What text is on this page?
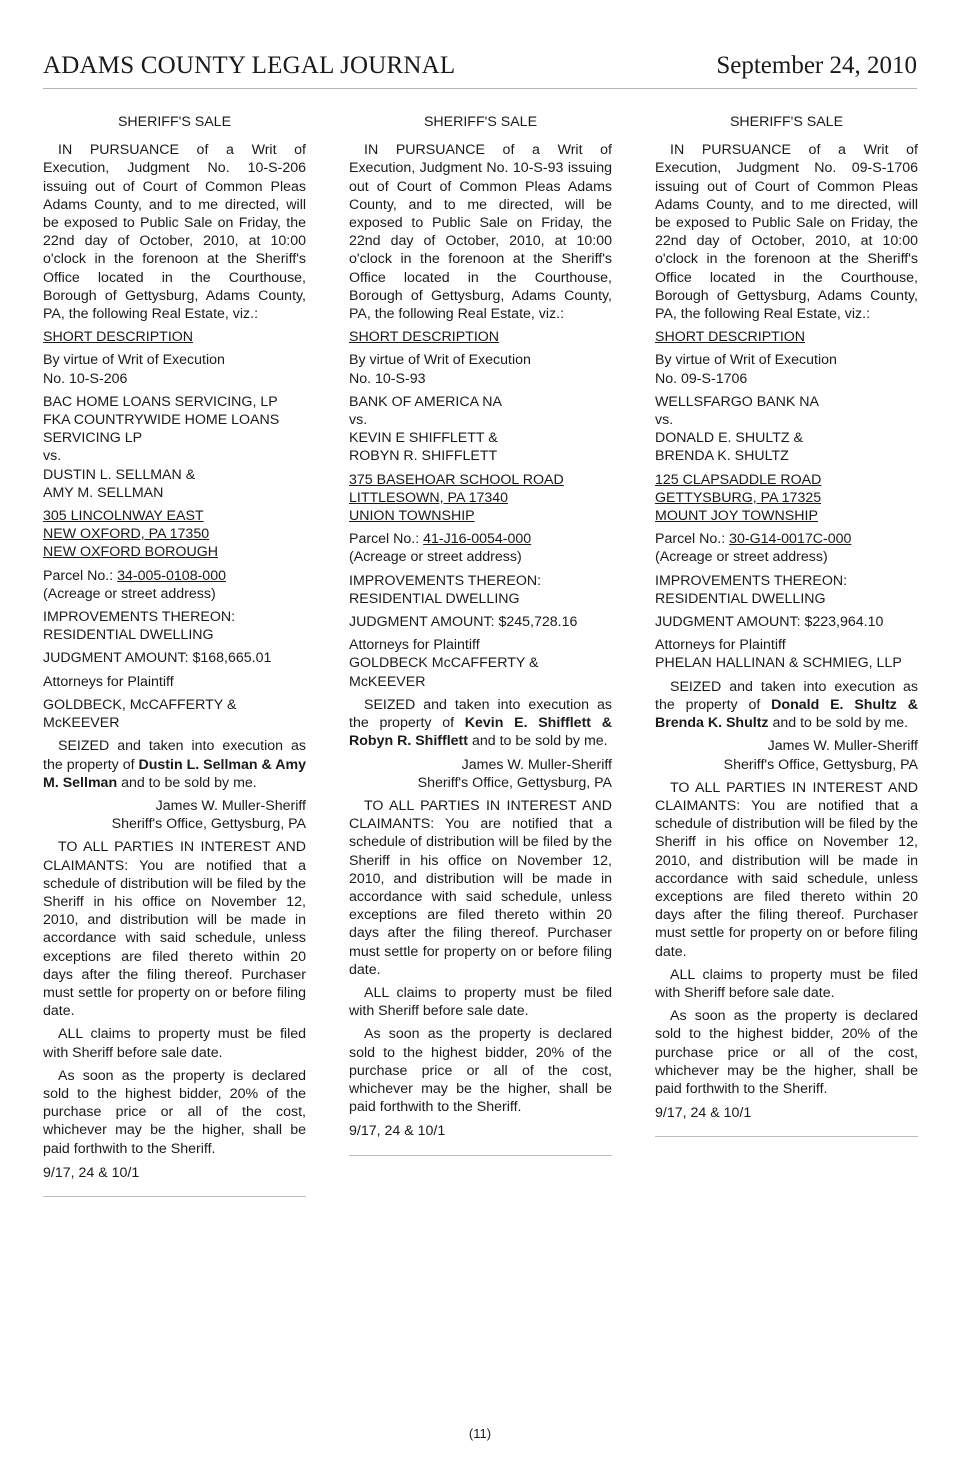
ADAMS COUNTY LEGAL JOURNAL	September 24, 2010

SHERIFF'S SALE

IN PURSUANCE of a Writ of Execution, Judgment No. 10-S-206 issuing out of Court of Common Pleas Adams County, and to me directed, will be exposed to Public Sale on Friday, the 22nd day of October, 2010, at 10:00 o'clock in the forenoon at the Sheriff's Office located in the Courthouse, Borough of Gettysburg, Adams County, PA, the following Real Estate, viz.:

SHORT DESCRIPTION

By virtue of Writ of Execution
No. 10-S-206

BAC HOME LOANS SERVICING, LP
FKA COUNTRYWIDE HOME LOANS
SERVICING LP
vs.
DUSTIN L. SELLMAN &
AMY M. SELLMAN

305 LINCOLNWAY EAST
NEW OXFORD, PA 17350
NEW OXFORD BOROUGH

Parcel No.: 34-005-0108-000
(Acreage or street address)

IMPROVEMENTS THEREON:
RESIDENTIAL DWELLING

JUDGMENT AMOUNT: $168,665.01

Attorneys for Plaintiff

GOLDBECK, McCAFFERTY & McKEEVER

SEIZED and taken into execution as the property of Dustin L. Sellman & Amy M. Sellman and to be sold by me.

James W. Muller-Sheriff
Sheriff's Office, Gettysburg, PA

TO ALL PARTIES IN INTEREST AND CLAIMANTS: You are notified that a schedule of distribution will be filed by the Sheriff in his office on November 12, 2010, and distribution will be made in accordance with said schedule, unless exceptions are filed thereto within 20 days after the filing thereof. Purchaser must settle for property on or before filing date.

ALL claims to property must be filed with Sheriff before sale date.

As soon as the property is declared sold to the highest bidder, 20% of the purchase price or all of the cost, whichever may be the higher, shall be paid forthwith to the Sheriff.

9/17, 24 & 10/1

SHERIFF'S SALE

IN PURSUANCE of a Writ of Execution, Judgment No. 10-S-93 issuing out of Court of Common Pleas Adams County, and to me directed, will be exposed to Public Sale on Friday, the 22nd day of October, 2010, at 10:00 o'clock in the forenoon at the Sheriff's Office located in the Courthouse, Borough of Gettysburg, Adams County, PA, the following Real Estate, viz.:

SHORT DESCRIPTION

By virtue of Writ of Execution
No. 10-S-93

BANK OF AMERICA NA
vs.
KEVIN E SHIFFLETT &
ROBYN R. SHIFFLETT

375 BASEHOAR SCHOOL ROAD
LITTLESOWN, PA 17340
UNION TOWNSHIP

Parcel No.: 41-J16-0054-000
(Acreage or street address)

IMPROVEMENTS THEREON:
RESIDENTIAL DWELLING

JUDGMENT AMOUNT: $245,728.16

Attorneys for Plaintiff
GOLDBECK McCAFFERTY & McKEEVER

SEIZED and taken into execution as the property of Kevin E. Shifflett & Robyn R. Shifflett and to be sold by me.

James W. Muller-Sheriff
Sheriff's Office, Gettysburg, PA

TO ALL PARTIES IN INTEREST AND CLAIMANTS: You are notified that a schedule of distribution will be filed by the Sheriff in his office on November 12, 2010, and distribution will be made in accordance with said schedule, unless exceptions are filed thereto within 20 days after the filing thereof. Purchaser must settle for property on or before filing date.

ALL claims to property must be filed with Sheriff before sale date.

As soon as the property is declared sold to the highest bidder, 20% of the purchase price or all of the cost, whichever may be the higher, shall be paid forthwith to the Sheriff.

9/17, 24 & 10/1

SHERIFF'S SALE

IN PURSUANCE of a Writ of Execution, Judgment No. 09-S-1706 issuing out of Court of Common Pleas Adams County, and to me directed, will be exposed to Public Sale on Friday, the 22nd day of October, 2010, at 10:00 o'clock in the forenoon at the Sheriff's Office located in the Courthouse, Borough of Gettysburg, Adams County, PA, the following Real Estate, viz.:

SHORT DESCRIPTION

By virtue of Writ of Execution
No. 09-S-1706

WELLSFARGO BANK NA
vs.
DONALD E. SHULTZ &
BRENDA K. SHULTZ

125 CLAPSADDLE ROAD
GETTYSBURG, PA 17325
MOUNT JOY TOWNSHIP

Parcel No.: 30-G14-0017C-000
(Acreage or street address)

IMPROVEMENTS THEREON:
RESIDENTIAL DWELLING

JUDGMENT AMOUNT: $223,964.10

Attorneys for Plaintiff
PHELAN HALLINAN & SCHMIEG, LLP

SEIZED and taken into execution as the property of Donald E. Shultz & Brenda K. Shultz and to be sold by me.

James W. Muller-Sheriff
Sheriff's Office, Gettysburg, PA

TO ALL PARTIES IN INTEREST AND CLAIMANTS: You are notified that a schedule of distribution will be filed by the Sheriff in his office on November 12, 2010, and distribution will be made in accordance with said schedule, unless exceptions are filed thereto within 20 days after the filing thereof. Purchaser must settle for property on or before filing date.

ALL claims to property must be filed with Sheriff before sale date.

As soon as the property is declared sold to the highest bidder, 20% of the purchase price or all of the cost, whichever may be the higher, shall be paid forthwith to the Sheriff.

9/17, 24 & 10/1

(11)
